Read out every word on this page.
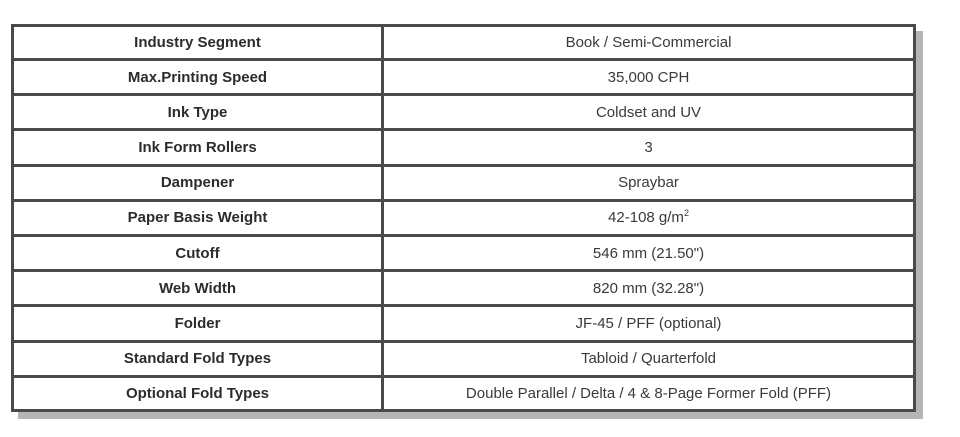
Industry Segment	Book / Semi-Commercial
Max.Printing Speed	35,000 CPH
Ink Type	Coldset and UV
Ink Form Rollers	3
Dampener	Spraybar
Paper Basis Weight	42-108 $g/m^2$
Cutoff	546 mm (21.50")
Web Width	820 mm (32.28")
Folder	JF-45 / PFF (optional)
Standard Fold Types	Tabloid / Quarterfold
Optional Fold Types	Double Parallel / Delta / 4 & 8-Page Former Fold (PFF)
